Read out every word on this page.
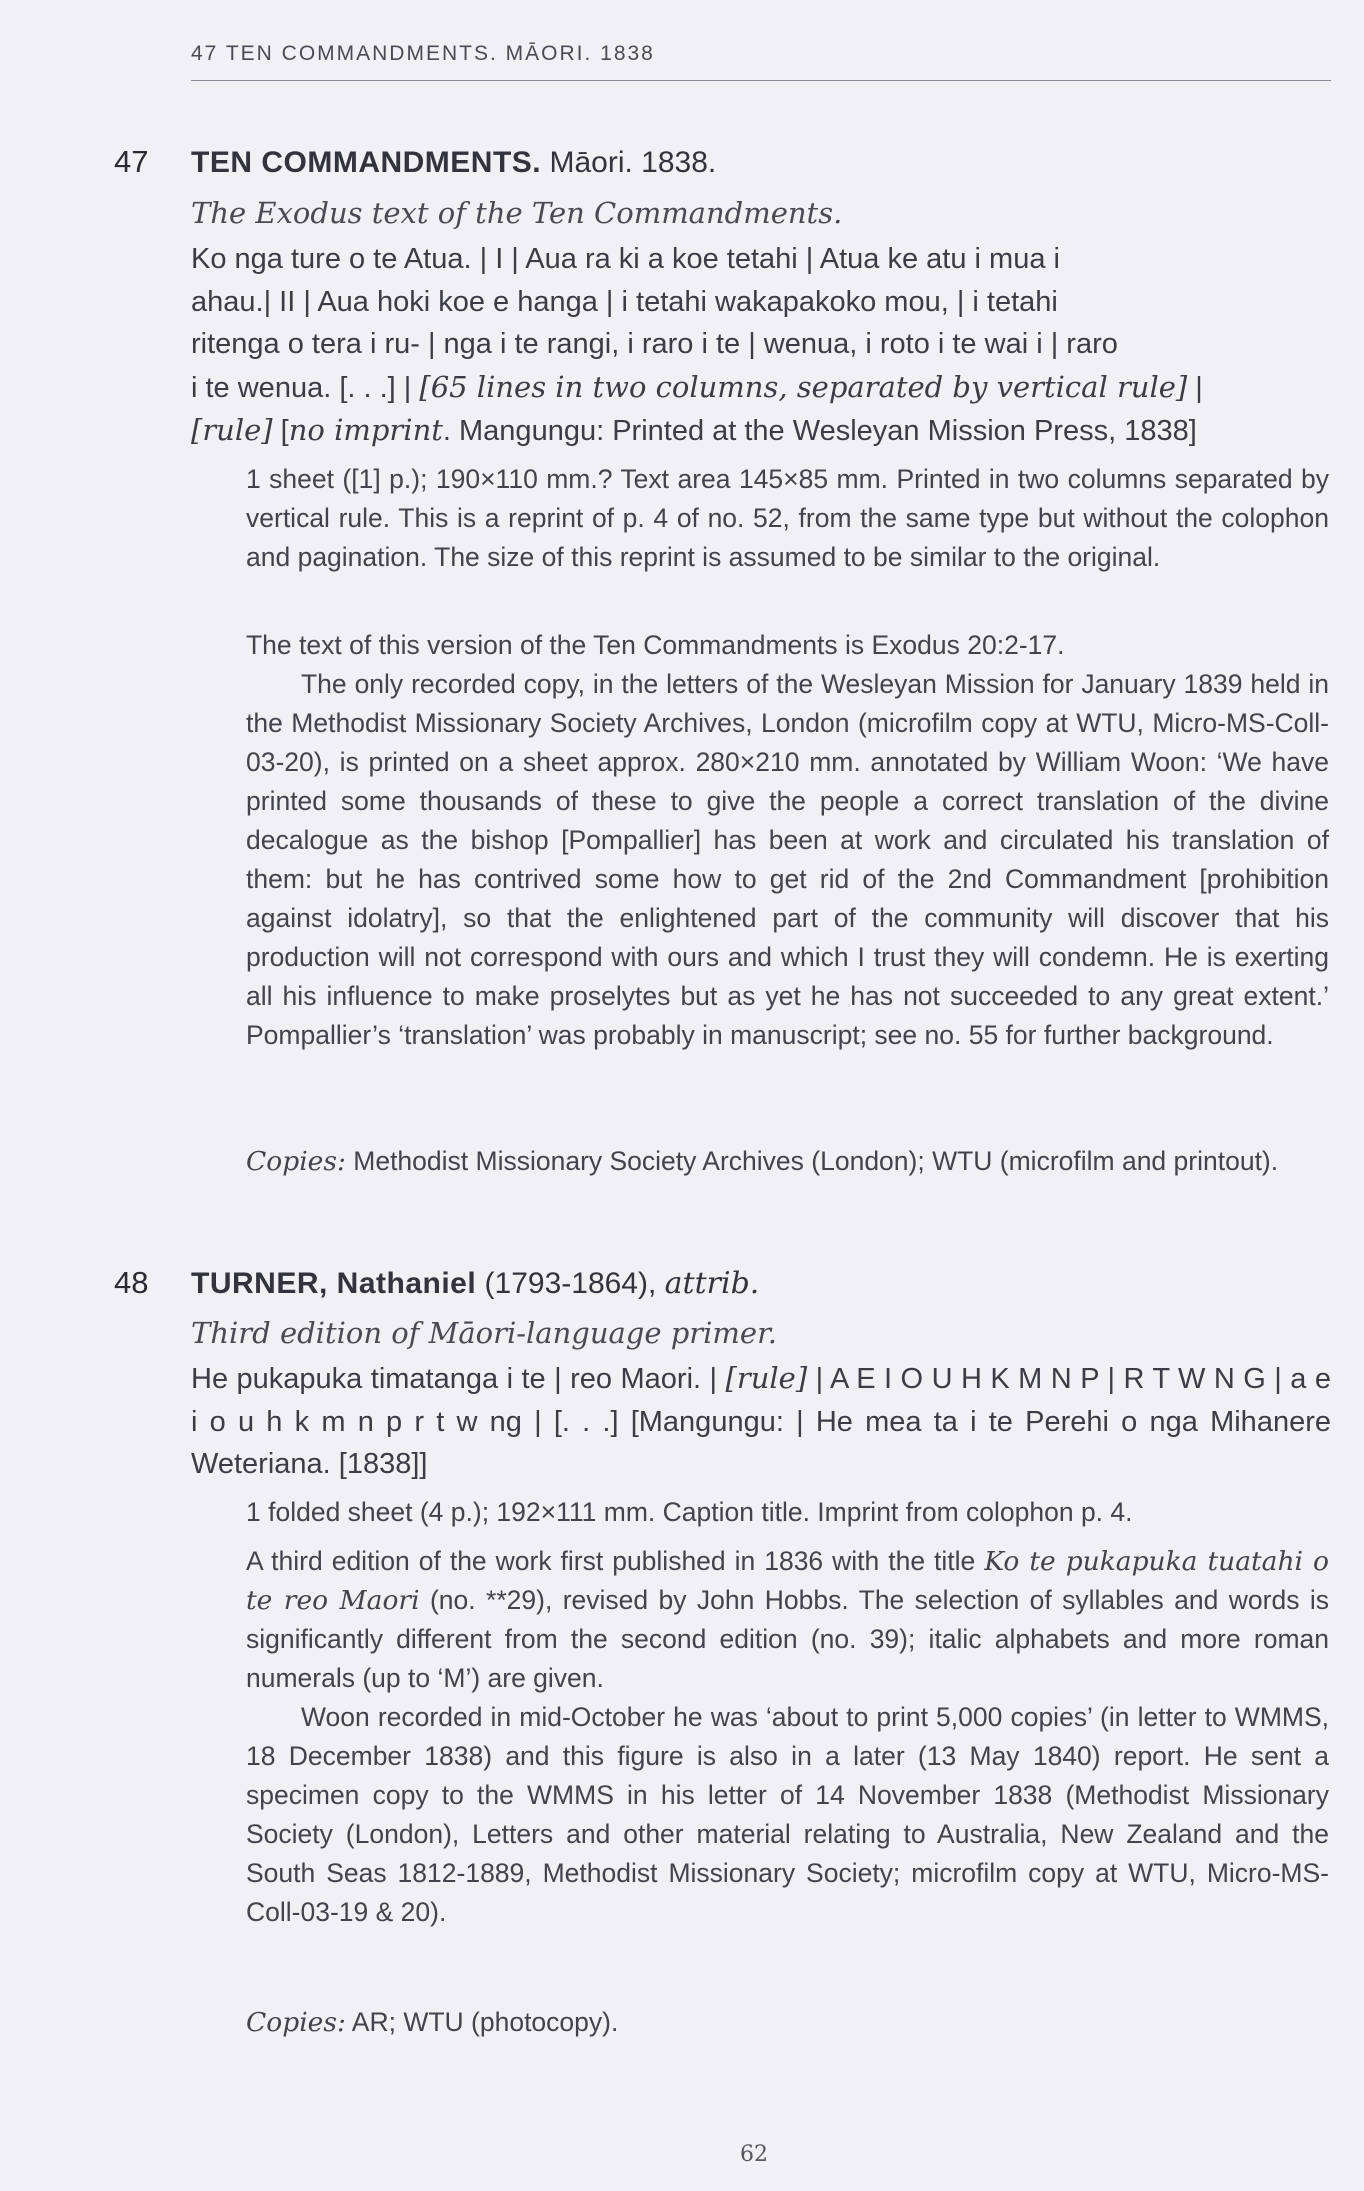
47 TEN COMMANDMENTS. MĀORI. 1838
47 TEN COMMANDMENTS. Māori. 1838.
The Exodus text of the Ten Commandments.
Ko nga ture o te Atua. | I | Aua ra ki a koe tetahi | Atua ke atu i mua i
ahau.| II | Aua hoki koe e hanga | i tetahi wakapakoko mou, | i tetahi
ritenga o tera i ru- | nga i te rangi, i raro i te | wenua, i roto i te wai i | raro
i te wenua. [. . .] | [65 lines in two columns, separated by vertical rule] |
[rule] [no imprint. Mangungu: Printed at the Wesleyan Mission Press, 1838]
1 sheet ([1] p.); 190×110 mm.? Text area 145×85 mm. Printed in two columns separated by vertical rule. This is a reprint of p. 4 of no. 52, from the same type but without the colophon and pagination. The size of this reprint is assumed to be similar to the original.
The text of this version of the Ten Commandments is Exodus 20:2-17.
The only recorded copy, in the letters of the Wesleyan Mission for January 1839 held in the Methodist Missionary Society Archives, London (microfilm copy at WTU, Micro-MS-Coll-03-20), is printed on a sheet approx. 280×210 mm. annotated by William Woon: ‘We have printed some thousands of these to give the people a correct translation of the divine decalogue as the bishop [Pompallier] has been at work and circulated his translation of them: but he has contrived some how to get rid of the 2nd Commandment [prohibition against idolatry], so that the enlightened part of the community will discover that his production will not correspond with ours and which I trust they will condemn. He is exerting all his influence to make proselytes but as yet he has not succeeded to any great extent.’ Pompallier’s ‘translation’ was probably in manuscript; see no. 55 for further background.
Copies: Methodist Missionary Society Archives (London); WTU (microfilm and printout).
48 TURNER, Nathaniel (1793-1864), attrib.
Third edition of Māori-language primer.
He pukapuka timatanga i te | reo Maori. | [rule] | A E I O U H K M N P | R T W N G | a e i o u h k m n p r t w ng | [. . .] [Mangungu: | He mea ta i te Perehi o nga Mihanere Weteriana. [1838]]
1 folded sheet (4 p.); 192×111 mm. Caption title. Imprint from colophon p. 4.
A third edition of the work first published in 1836 with the title Ko te pukapuka tuatahi o te reo Maori (no. **29), revised by John Hobbs. The selection of syllables and words is significantly different from the second edition (no. 39); italic alphabets and more roman numerals (up to ‘M’) are given.
Woon recorded in mid-October he was ‘about to print 5,000 copies’ (in letter to WMMS, 18 December 1838) and this figure is also in a later (13 May 1840) report. He sent a specimen copy to the WMMS in his letter of 14 November 1838 (Methodist Missionary Society (London), Letters and other material relating to Australia, New Zealand and the South Seas 1812-1889, Methodist Missionary Society; microfilm copy at WTU, Micro-MS-Coll-03-19 & 20).
Copies: AR; WTU (photocopy).
62
